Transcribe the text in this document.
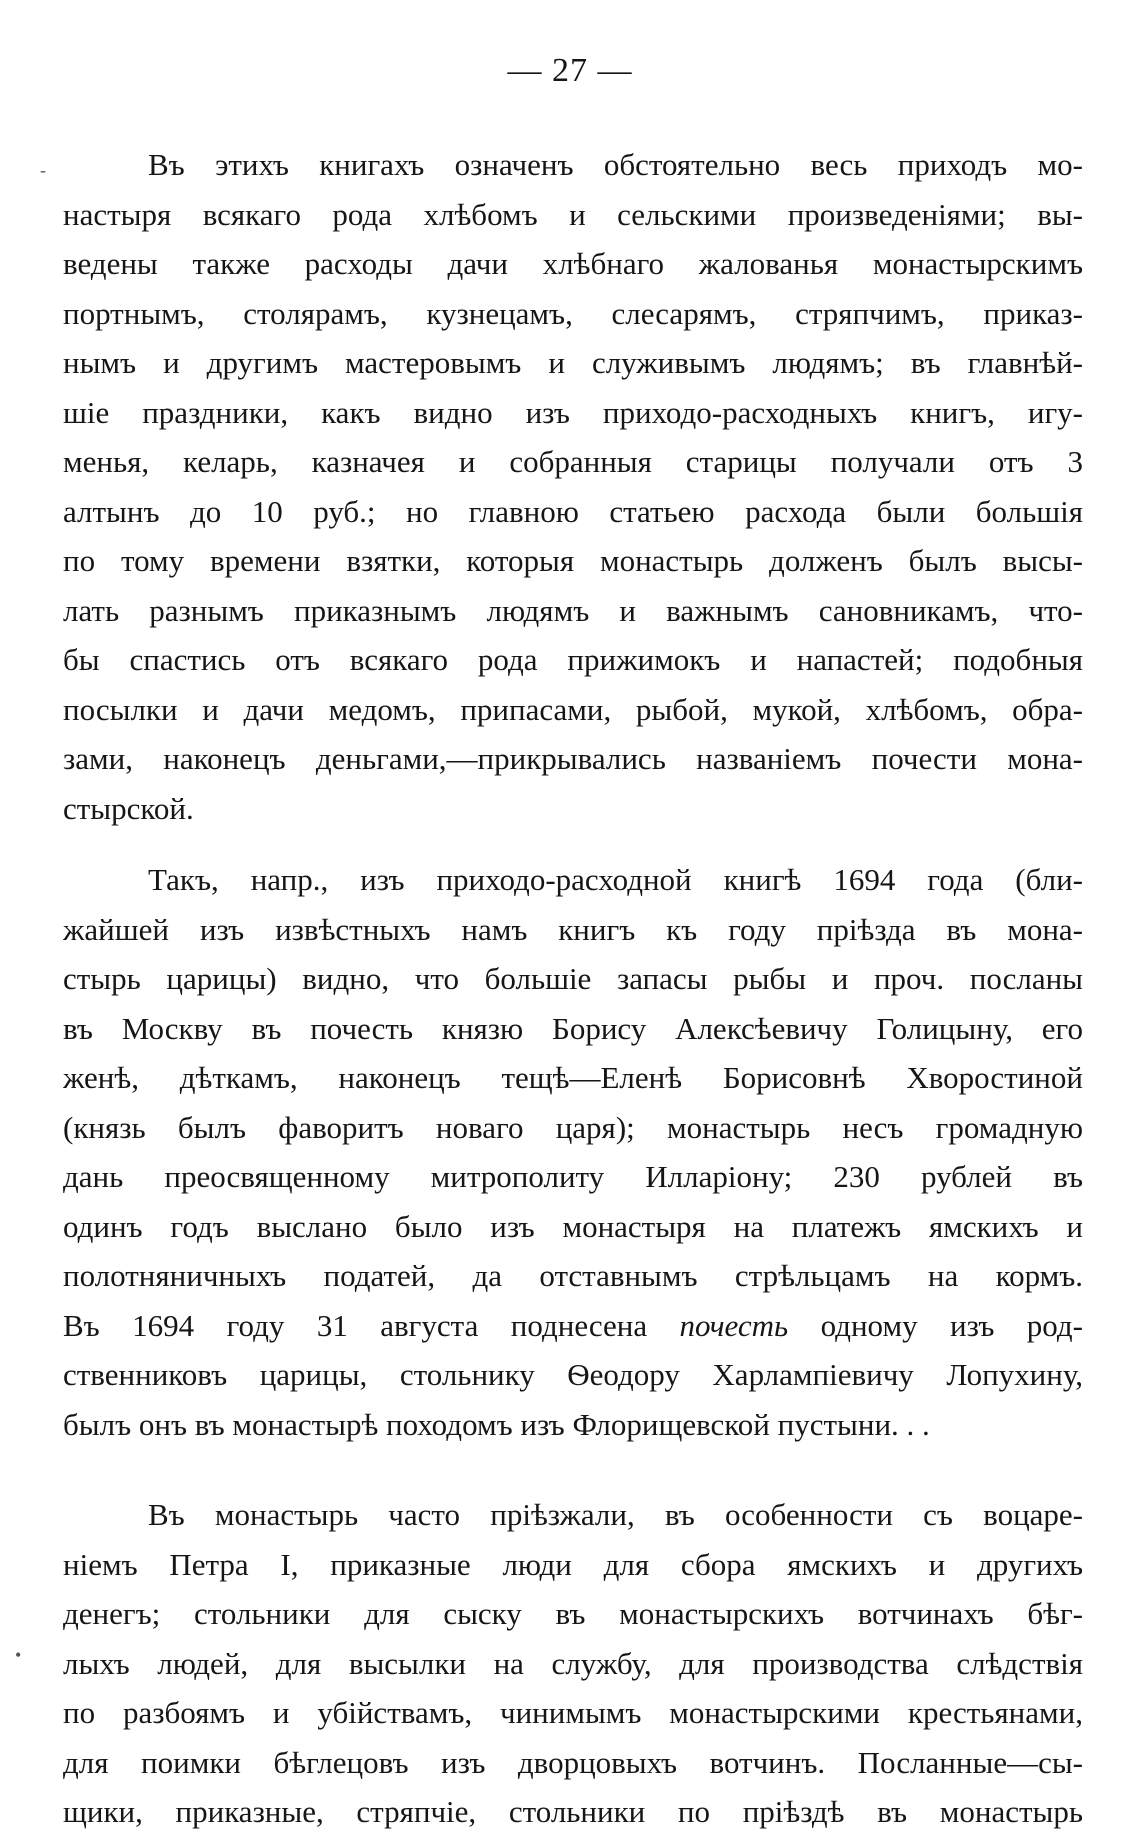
— 27 —
-
•
Въ этихъ книгахъ означенъ обстоятельно весь приходъ мо-
настыря всякаго рода хлѣбомъ и сельскими произведеніями; вы-
ведены также расходы дачи хлѣбнаго жалованья монастырскимъ
портнымъ, столярамъ, кузнецамъ, слесарямъ, стряпчимъ, приказ-
нымъ и другимъ мастеровымъ и служивымъ людямъ; въ главнѣй-
шіе праздники, какъ видно изъ приходо-расходныхъ книгъ, игу-
менья, келарь, казначея и собранныя старицы получали отъ 3
алтынъ до 10 руб.; но главною статьею расхода были большія
по тому времени взятки, которыя монастырь долженъ былъ высы-
лать разнымъ приказнымъ людямъ и важнымъ сановникамъ, что-
бы спастись отъ всякаго рода прижимокъ и напастей; подобныя
посылки и дачи медомъ, припасами, рыбой, мукой, хлѣбомъ, обра-
зами, наконецъ деньгами,—прикрывались названіемъ почести мона-
стырской.
Такъ, напр., изъ приходо-расходной книгѣ 1694 года (бли-
жайшей изъ извѣстныхъ намъ книгъ къ году пріѣзда въ мона-
стырь царицы) видно, что большіе запасы рыбы и проч. посланы
въ Москву въ почесть князю Борису Алексѣевичу Голицыну, его
женѣ, дѣткамъ, наконецъ тещѣ—Еленѣ Борисовнѣ Хворостиной
(князь былъ фаворитъ новаго царя); монастырь несъ громадную
дань преосвященному митрополиту Илларіону; 230 рублей въ
одинъ годъ выслано было изъ монастыря на платежъ ямскихъ и
полотняничныхъ податей, да отставнымъ стрѣльцамъ на кормъ.
Въ 1694 году 31 августа поднесена почесть одному изъ род-
ственниковъ царицы, стольнику Ѳеодору Харлампіевичу Лопухину,
былъ онъ въ монастырѣ походомъ изъ Флорищевской пустыни. . .
Въ монастырь часто пріѣзжали, въ особенности съ воцаре-
ніемъ Петра I, приказные люди для сбора ямскихъ и другихъ
денегъ; стольники для сыску въ монастырскихъ вотчинахъ бѣг-
лыхъ людей, для высылки на службу, для производства слѣдствія
по разбоямъ и убійствамъ, чинимымъ монастырскими крестьянами,
для поимки бѣглецовъ изъ дворцовыхъ вотчинъ. Посланные—сы-
щики, приказные, стряпчіе, стольники по пріѣздѣ въ монастырь
